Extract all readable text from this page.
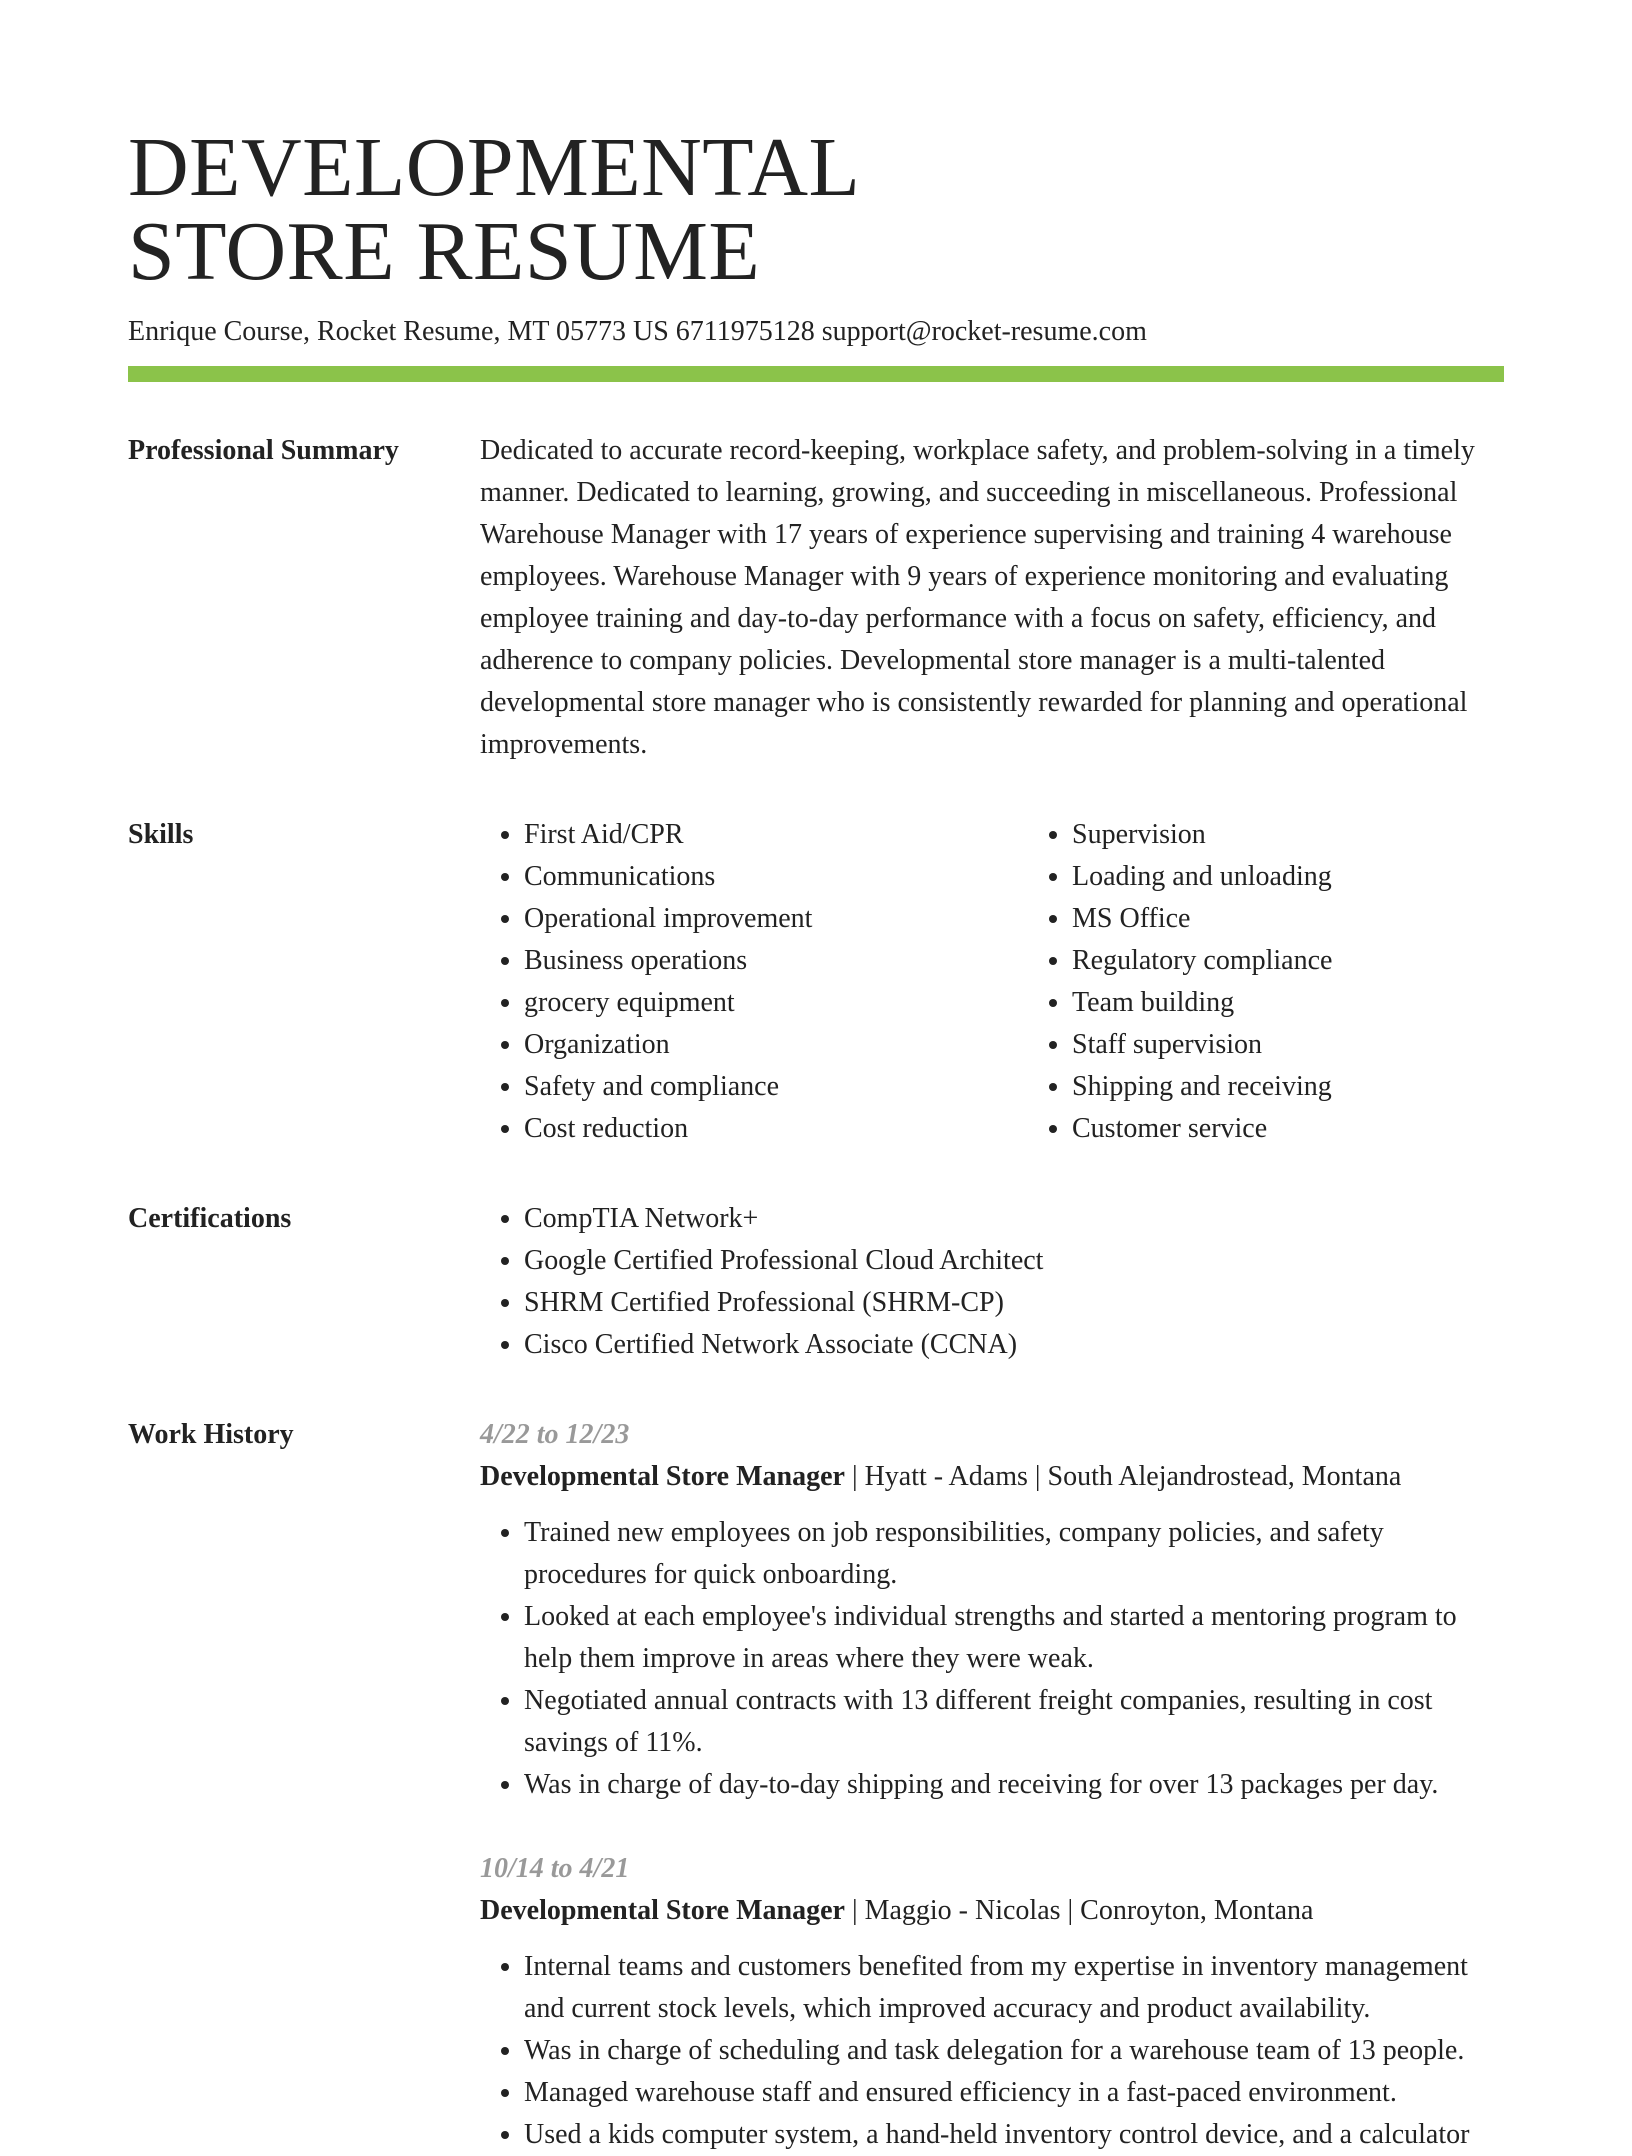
DEVELOPMENTAL
STORE RESUME
Enrique Course, Rocket Resume, MT 05773 US 6711975128 support@rocket-resume.com
Professional Summary	Dedicated to accurate record-keeping, workplace safety, and problem-solving in a timely manner. Dedicated to learning, growing, and succeeding in miscellaneous. Professional Warehouse Manager with 17 years of experience supervising and training 4 warehouse employees. Warehouse Manager with 9 years of experience monitoring and evaluating employee training and day-to-day performance with a focus on safety, efficiency, and adherence to company policies. Developmental store manager is a multi-talented developmental store manager who is consistently rewarded for planning and operational improvements.

Skills	• First Aid/CPR
• Communications
• Operational improvement
• Business operations
• grocery equipment
• Organization
• Safety and compliance
• Cost reduction
• Supervision
• Loading and unloading
• MS Office
• Regulatory compliance
• Team building
• Staff supervision
• Shipping and receiving
• Customer service
Certifications	• CompTIA Network+
• Google Certified Professional Cloud Architect
• SHRM Certified Professional (SHRM-CP)
• Cisco Certified Network Associate (CCNA)
Work History	4/22 to 12/23
Developmental Store Manager | Hyatt - Adams | South Alejandrostead, Montana
• Trained new employees on job responsibilities, company policies, and safety procedures for quick onboarding.
• Looked at each employee's individual strengths and started a mentoring program to help them improve in areas where they were weak.
• Negotiated annual contracts with 13 different freight companies, resulting in cost savings of 11%.
• Was in charge of day-to-day shipping and receiving for over 13 packages per day.
10/14 to 4/21
Developmental Store Manager | Maggio - Nicolas | Conroyton, Montana
• Internal teams and customers benefited from my expertise in inventory management and current stock levels, which improved accuracy and product availability.
• Was in charge of scheduling and task delegation for a warehouse team of 13 people.
• Managed warehouse staff and ensured efficiency in a fast-paced environment.
• Used a kids computer system, a hand-held inventory control device, and a calculator
